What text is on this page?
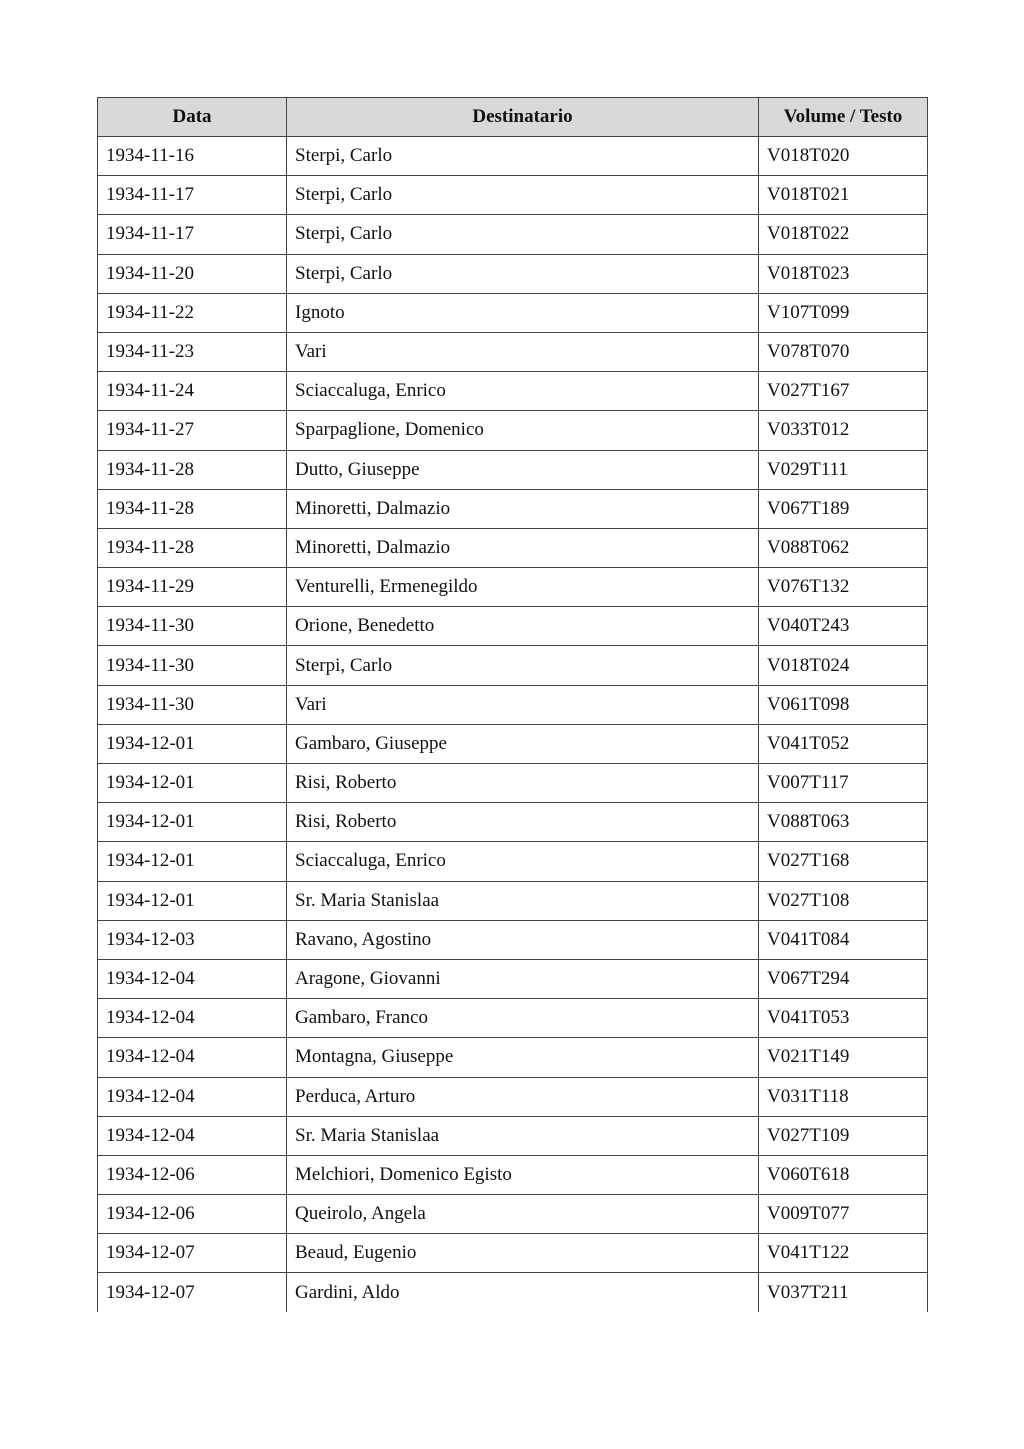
Data	Destinatario	Volume / Testo
1934-11-16	Sterpi, Carlo	V018T020
1934-11-17	Sterpi, Carlo	V018T021
1934-11-17	Sterpi, Carlo	V018T022
1934-11-20	Sterpi, Carlo	V018T023
1934-11-22	Ignoto	V107T099
1934-11-23	Vari	V078T070
1934-11-24	Sciaccaluga, Enrico	V027T167
1934-11-27	Sparpaglione, Domenico	V033T012
1934-11-28	Dutto, Giuseppe	V029T111
1934-11-28	Minoretti, Dalmazio	V067T189
1934-11-28	Minoretti, Dalmazio	V088T062
1934-11-29	Venturelli, Ermenegildo	V076T132
1934-11-30	Orione, Benedetto	V040T243
1934-11-30	Sterpi, Carlo	V018T024
1934-11-30	Vari	V061T098
1934-12-01	Gambaro, Giuseppe	V041T052
1934-12-01	Risi, Roberto	V007T117
1934-12-01	Risi, Roberto	V088T063
1934-12-01	Sciaccaluga, Enrico	V027T168
1934-12-01	Sr. Maria Stanislaa	V027T108
1934-12-03	Ravano, Agostino	V041T084
1934-12-04	Aragone, Giovanni	V067T294
1934-12-04	Gambaro, Franco	V041T053
1934-12-04	Montagna, Giuseppe	V021T149
1934-12-04	Perduca, Arturo	V031T118
1934-12-04	Sr. Maria Stanislaa	V027T109
1934-12-06	Melchiori, Domenico Egisto	V060T618
1934-12-06	Queirolo, Angela	V009T077
1934-12-07	Beaud, Eugenio	V041T122
1934-12-07	Gardini, Aldo	V037T211
